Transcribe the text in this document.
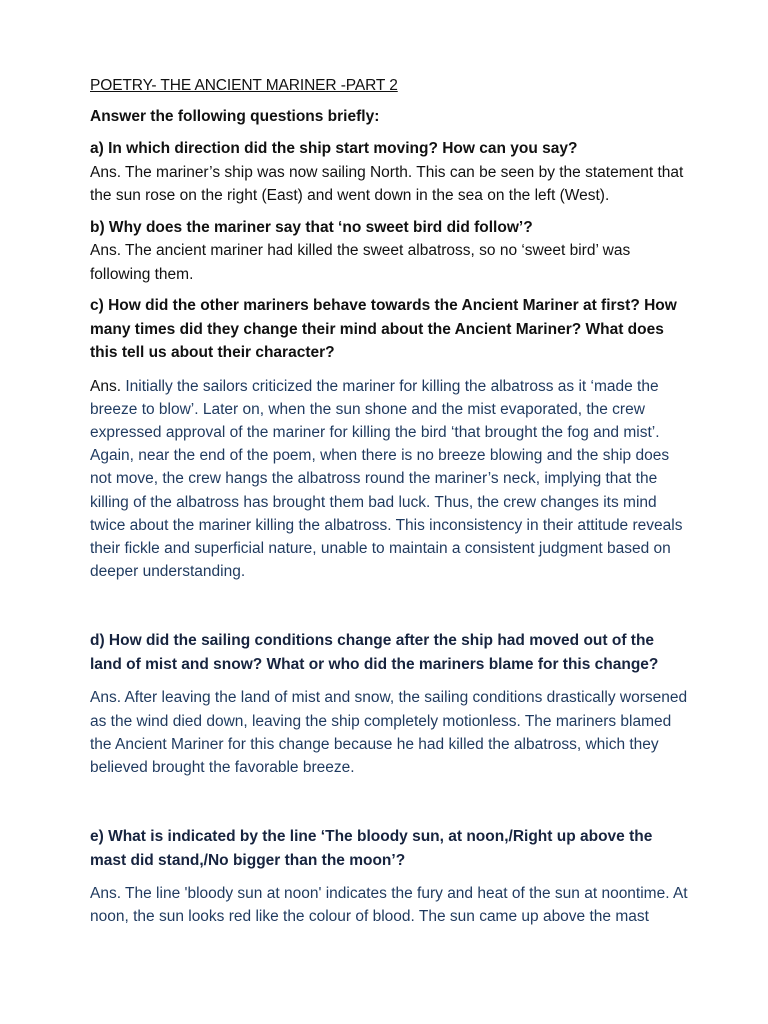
POETRY- THE ANCIENT MARINER -PART 2
Answer the following questions briefly:
a) In which direction did the ship start moving? How can you say?
Ans. The mariner’s ship was now sailing North. This can be seen by the statement that the sun rose on the right (East) and went down in the sea on the left (West).
b) Why does the mariner say that ‘no sweet bird did follow’?
Ans. The ancient mariner had killed the sweet albatross, so no ‘sweet bird’ was following them.
c) How did the other mariners behave towards the Ancient Mariner at first? How many times did they change their mind about the Ancient Mariner? What does this tell us about their character?
Ans. Initially the sailors criticized the mariner for killing the albatross as it ‘made the breeze to blow’. Later on, when the sun shone and the mist evaporated, the crew expressed approval of the mariner for killing the bird ‘that brought the fog and mist’. Again, near the end of the poem, when there is no breeze blowing and the ship does not move, the crew hangs the albatross round the mariner’s neck, implying that the killing of the albatross has brought them bad luck. Thus, the crew changes its mind twice about the mariner killing the albatross. This inconsistency in their attitude reveals their fickle and superficial nature, unable to maintain a consistent judgment based on deeper understanding.
d) How did the sailing conditions change after the ship had moved out of the land of mist and snow? What or who did the mariners blame for this change?
Ans. After leaving the land of mist and snow, the sailing conditions drastically worsened as the wind died down, leaving the ship completely motionless. The mariners blamed the Ancient Mariner for this change because he had killed the albatross, which they believed brought the favorable breeze.
e) What is indicated by the line ‘The bloody sun, at noon,/Right up above the mast did stand,/No bigger than the moon’?
Ans. The line 'bloody sun at noon' indicates the fury and heat of the sun at noontime. At noon, the sun looks red like the colour of blood. The sun came up above the mast
